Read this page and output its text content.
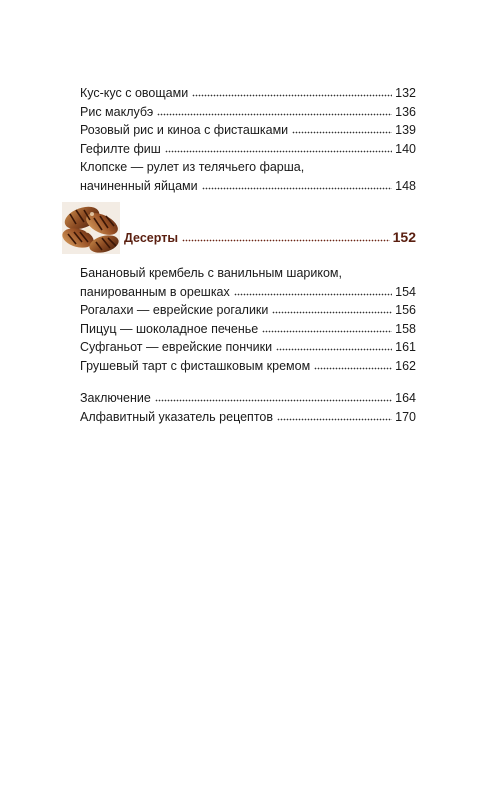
Кус-кус с овощами	132
Рис маклубэ	136
Розовый рис и киноа с фисташками	139
Гефилте фиш	140
Клопске — рулет из телячьего фарша,
начиненный яйцами	148
Десерты	152
Банановый крембель с ванильным шариком,
панированным в орешках	154
Рогалахи — еврейские рогалики	156
Пицуц — шоколадное печенье	158
Суфганьот — еврейские пончики	161
Грушевый тарт с фисташковым кремом	162
Заключение	164
Алфавитный указатель рецептов	170
